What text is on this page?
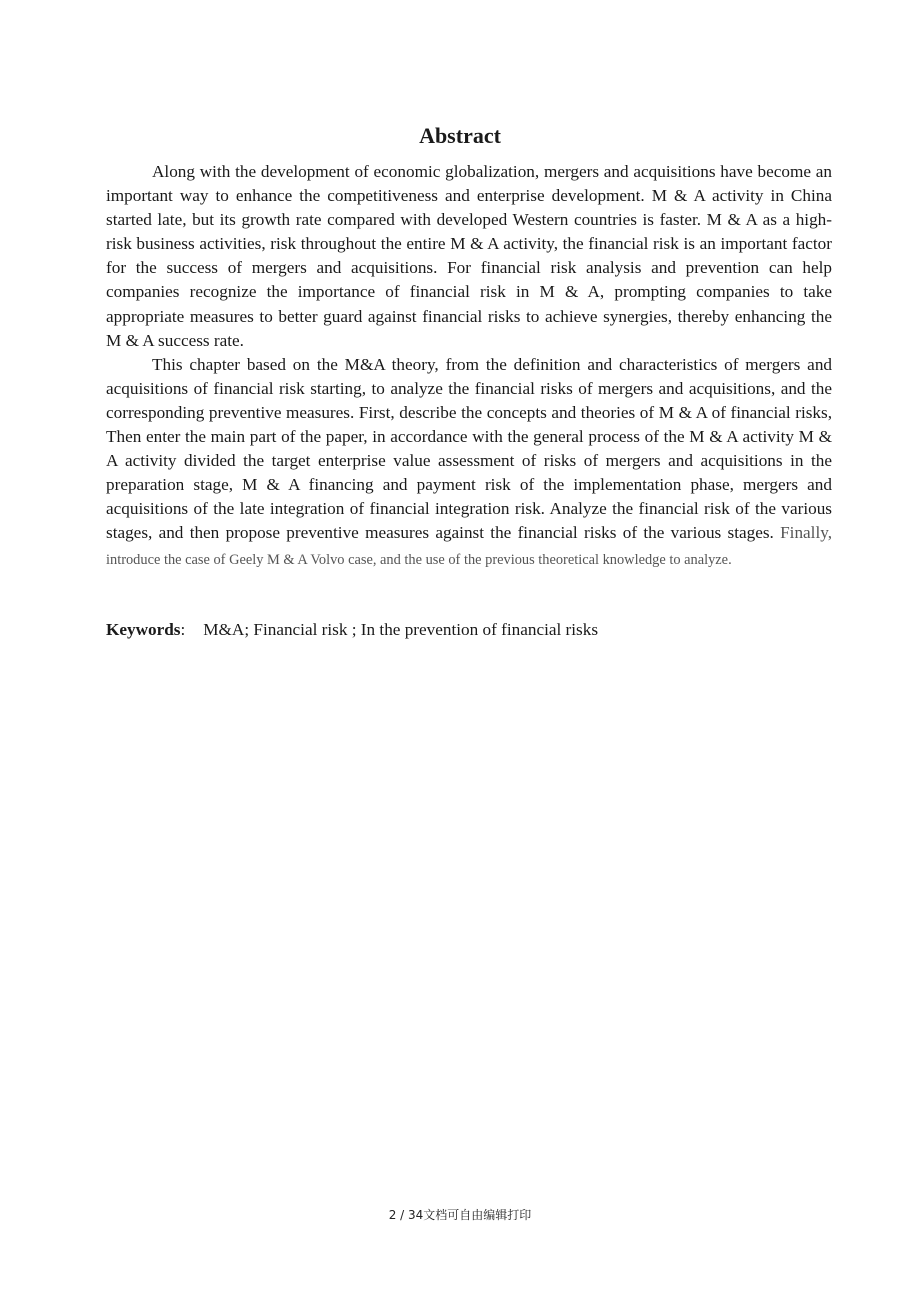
Abstract

Along with the development of economic globalization, mergers and acquisitions have become an important way to enhance the competitiveness and enterprise development. M & A activity in China started late, but its growth rate compared with developed Western countries is faster. M & A as a high-risk business activities, risk throughout the entire M & A activity, the financial risk is an important factor for the success of mergers and acquisitions. For financial risk analysis and prevention can help companies recognize the importance of financial risk in M & A, prompting companies to take appropriate measures to better guard against financial risks to achieve synergies, thereby enhancing the M & A success rate.

This chapter based on the M&A theory, from the definition and characteristics of mergers and acquisitions of financial risk starting, to analyze the financial risks of mergers and acquisitions, and the corresponding preventive measures. First, describe the concepts and theories of M & A of financial risks, Then enter the main part of the paper, in accordance with the general process of the M & A activity M & A activity divided the target enterprise value assessment of risks of mergers and acquisitions in the preparation stage, M & A financing and payment risk of the implementation phase, mergers and acquisitions of the late integration of financial integration risk. Analyze the financial risk of the various stages, and then propose preventive measures against the financial risks of the various stages. Finally, introduce the case of Geely M & A Volvo case, and the use of the previous theoretical knowledge to analyze.

Keywords: M&A; Financial risk ; In the prevention of financial risks

2 / 34文档可自由编辑打印
